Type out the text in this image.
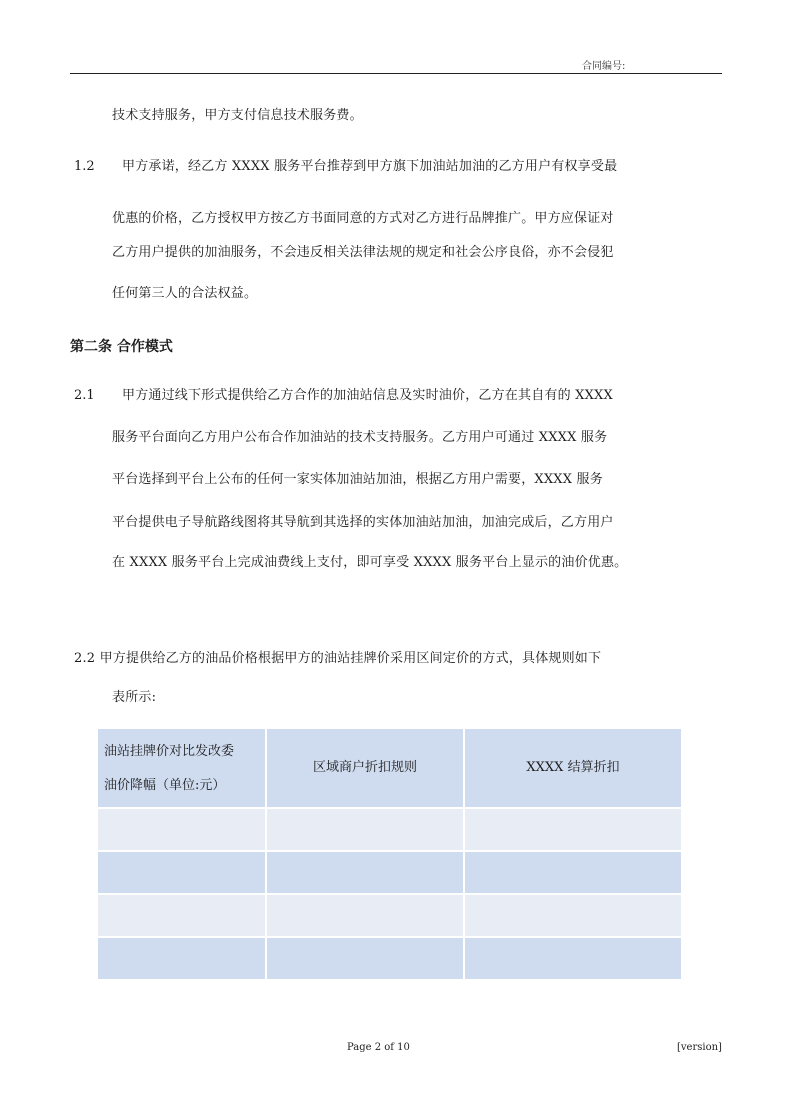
合同编号:
技术支持服务，甲方支付信息技术服务费。
1.2 甲方承诺，经乙方 XXXX 服务平台推荐到甲方旗下加油站加油的乙方用户有权享受最
优惠的价格，乙方授权甲方按乙方书面同意的方式对乙方进行品牌推广。甲方应保证对
乙方用户提供的加油服务，不会违反相关法律法规的规定和社会公序良俗，亦不会侵犯
任何第三人的合法权益。
第二条 合作模式
2.1 甲方通过线下形式提供给乙方合作的加油站信息及实时油价，乙方在其自有的 XXXX
服务平台面向乙方用户公布合作加油站的技术支持服务。乙方用户可通过 XXXX 服务
平台选择到平台上公布的任何一家实体加油站加油，根据乙方用户需要，XXXX 服务
平台提供电子导航路线图将其导航到其选择的实体加油站加油，加油完成后，乙方用户
在 XXXX 服务平台上完成油费线上支付，即可享受 XXXX 服务平台上显示的油价优惠。
2.2 甲方提供给乙方的油品价格根据甲方的油站挂牌价采用区间定价的方式，具体规则如下
表所示:
油站挂牌价对比发改委
油价降幅（单位:元）	区域商户折扣规则	XXXX 结算折扣

Page 2 of 10	[version]
